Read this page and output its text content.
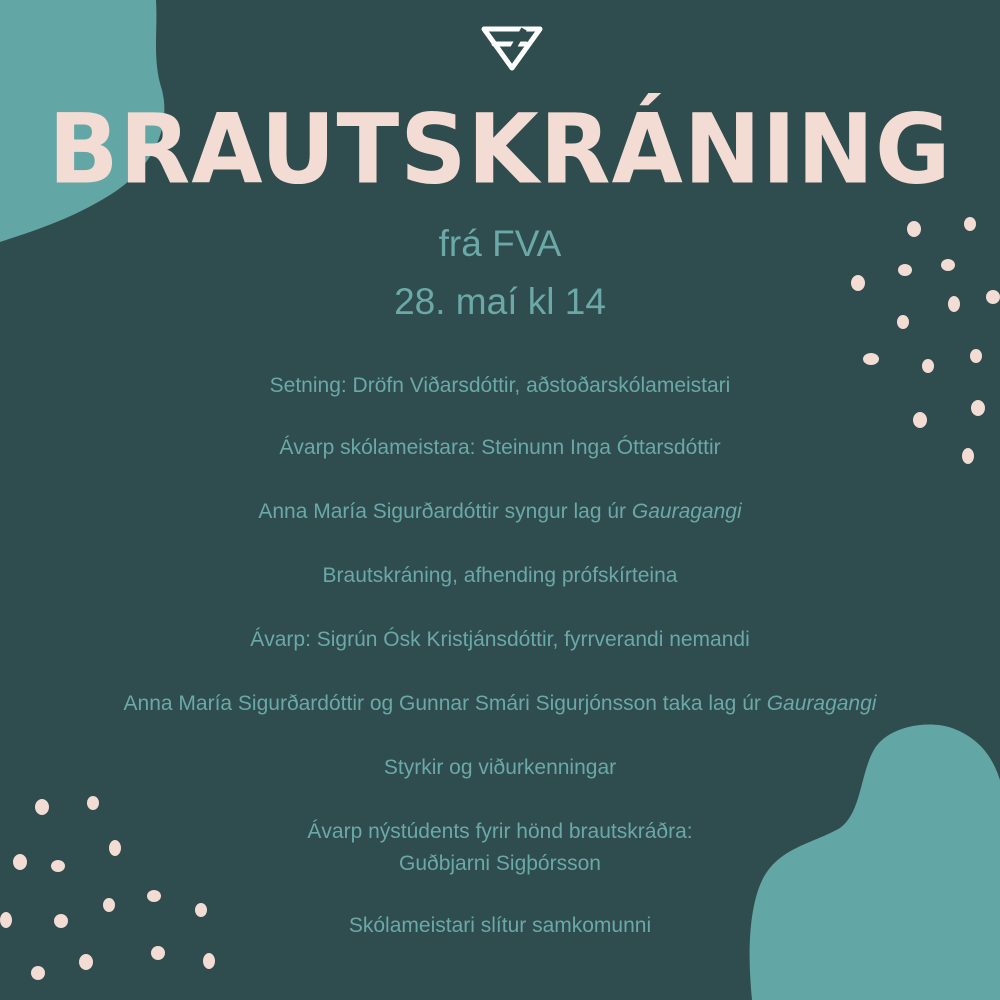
BRAUTSKRÁNING
frá FVA
28. maí kl 14
Setning: Dröfn Viðarsdóttir, aðstoðarskólameistari
Ávarp skólameistara: Steinunn Inga Óttarsdóttir
Anna María Sigurðardóttir syngur lag úr Gauragangi
Brautskráning, afhending prófskírteina
Ávarp: Sigrún Ósk Kristjánsdóttir, fyrrverandi nemandi
Anna María Sigurðardóttir og Gunnar Smári Sigurjónsson taka lag úr Gauragangi
Styrkir og viðurkenningar
Ávarp nýstúdents fyrir hönd brautskráðra:
Guðbjarni Sigþórsson
Skólameistari slítur samkomunni
